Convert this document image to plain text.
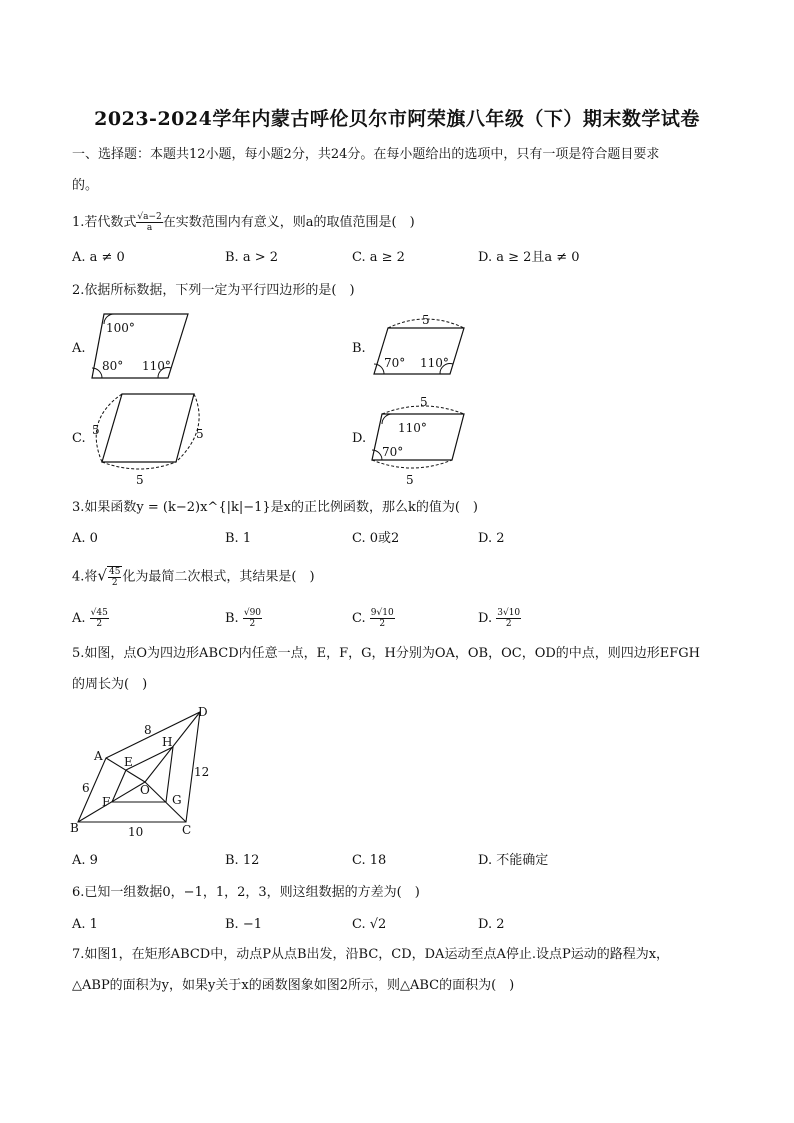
2023-2024学年内蒙古呼伦贝尔市阿荣旗八年级（下）期末数学试卷
一、选择题：本题共12小题，每小题2分，共24分。在每小题给出的选项中，只有一项是符合题目要求
的。
1.若代数式 $\frac{√a-2}{a}$ 在实数范围内有意义，则a的取值范围是(　)
A. a ≠ 0	B. a > 2	C. a ≥ 2	D. a ≥ 2且a ≠ 0
2.依据所标数据，下列一定为平行四边形的是(　)
A.
100°
80° 110°
B.
5
70° 110°
C.
5	5
5
D.
5
110°
70°
5
3.如果函数y = (k−2)x^{|k|−1}是x的正比例函数，那么k的值为(　)
A. 0	B. 1	C. 0或2	D. 2
4.将√ $\frac{45}{2}$ 化为最简二次根式，其结果是(　)
A. $\frac{√45}{2}$	B. $\frac{√90}{2}$	C. $\frac{9√10}{2}$	D. $\frac{3√10}{2}$
5.如图，点O为四边形ABCD内任意一点，E，F，G，H分别为OA，OB，OC，OD的中点，则四边形EFGH
的周长为(　)
A
D
B	C
E
F	G
H
O
8
6
10
12
A. 9	B. 12	C. 18	D. 不能确定
6.已知一组数据0，−1，1，2，3，则这组数据的方差为(　)
A. 1	B. −1	C. √2	D. 2
7.如图1，在矩形ABCD中，动点P从点B出发，沿BC，CD，DA运动至点A停止.设点P运动的路程为x，
△ABP的面积为y，如果y关于x的函数图象如图2所示，则△ABC的面积为(　)
